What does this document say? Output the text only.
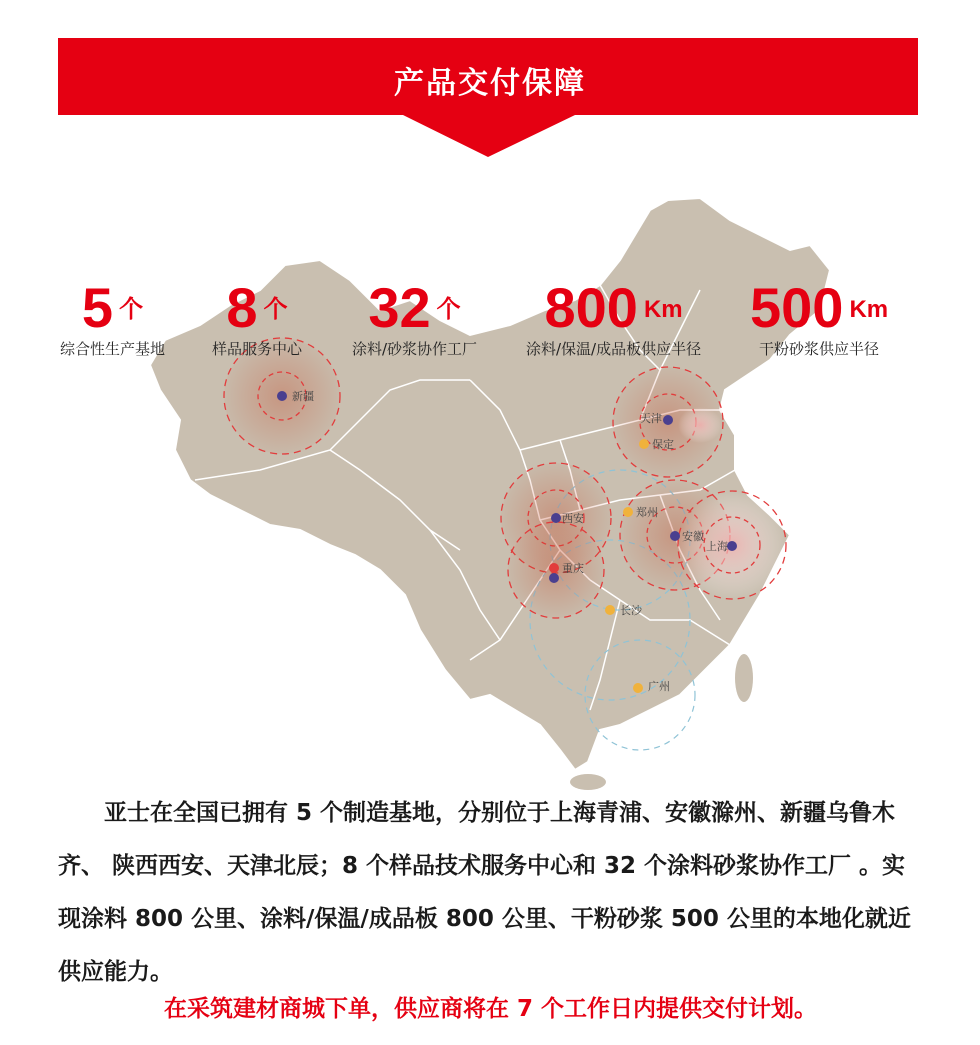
产品交付保障
新疆
天津
保定
西安	郑州
安徽
上海
重庆
长沙
广州
5 个
综合性生产基地
8 个
样品服务中心
32 个
涂料/砂浆协作工厂
800 Km
涂料/保温/成品板供应半径
500 Km
干粉砂浆供应半径
亚士在全国已拥有 5 个制造基地，分别位于上海青浦、安徽滁州、新疆乌鲁木齐、 陕西西安、天津北辰；8 个样品技术服务中心和 32 个涂料砂浆协作工厂 。实现涂料 800 公里、涂料/保温/成品板 800 公里、干粉砂浆 500 公里的本地化就近供应能力。
在采筑建材商城下单，供应商将在 7 个工作日内提供交付计划。
